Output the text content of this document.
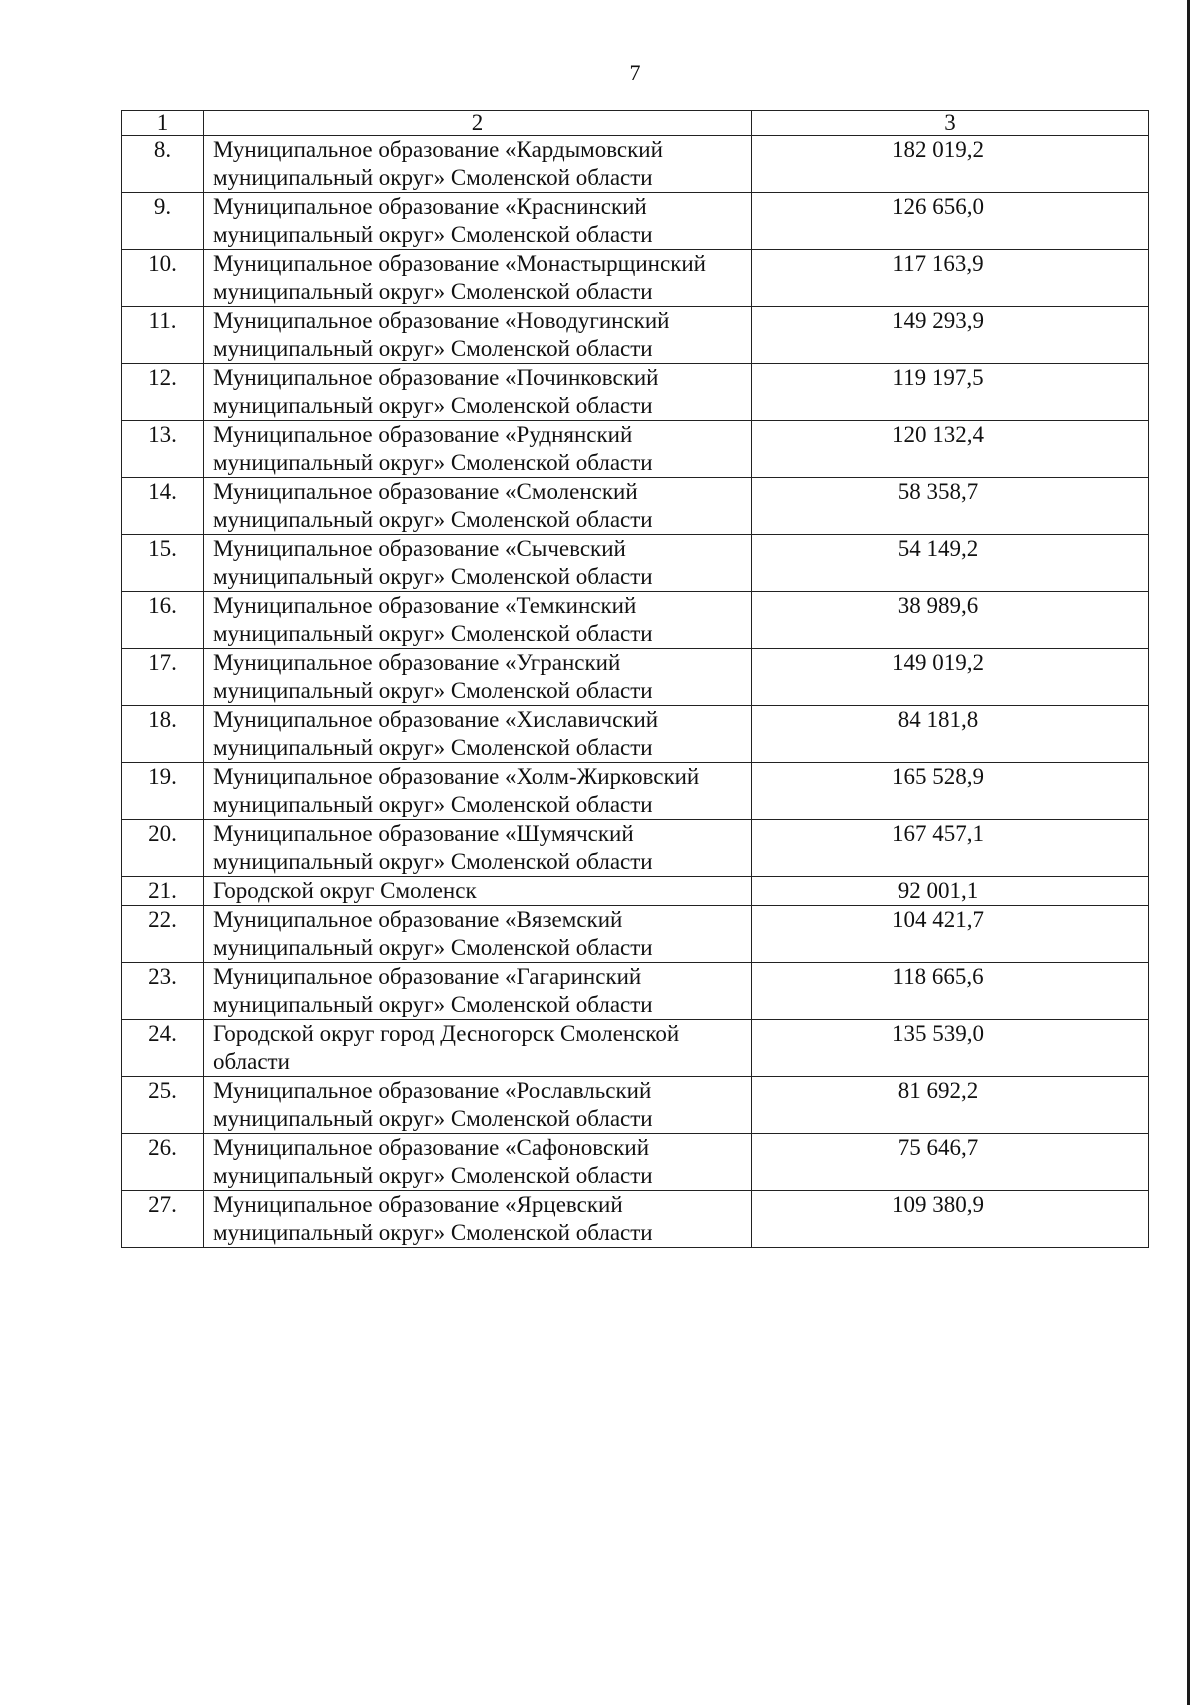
7
1	2	3
8.	Муниципальное образование «Кардымовский муниципальный округ» Смоленской области	182 019,2
9.	Муниципальное образование «Краснинский муниципальный округ» Смоленской области	126 656,0
10.	Муниципальное образование «Монастырщинский муниципальный округ» Смоленской области	117 163,9
11.	Муниципальное образование «Новодугинский муниципальный округ» Смоленской области	149 293,9
12.	Муниципальное образование «Починковский муниципальный округ» Смоленской области	119 197,5
13.	Муниципальное образование «Руднянский муниципальный округ» Смоленской области	120 132,4
14.	Муниципальное образование «Смоленский муниципальный округ» Смоленской области	58 358,7
15.	Муниципальное образование «Сычевский муниципальный округ» Смоленской области	54 149,2
16.	Муниципальное образование «Темкинский муниципальный округ» Смоленской области	38 989,6
17.	Муниципальное образование «Угранский муниципальный округ» Смоленской области	149 019,2
18.	Муниципальное образование «Хиславичский муниципальный округ» Смоленской области	84 181,8
19.	Муниципальное образование «Холм-Жирковский муниципальный округ» Смоленской области	165 528,9
20.	Муниципальное образование «Шумячский муниципальный округ» Смоленской области	167 457,1
21.	Городской округ Смоленск	92 001,1
22.	Муниципальное образование «Вяземский муниципальный округ» Смоленской области	104 421,7
23.	Муниципальное образование «Гагаринский муниципальный округ» Смоленской области	118 665,6
24.	Городской округ город Десногорск Смоленской области	135 539,0
25.	Муниципальное образование «Рославльский муниципальный округ» Смоленской области	81 692,2
26.	Муниципальное образование «Сафоновский муниципальный округ» Смоленской области	75 646,7
27.	Муниципальное образование «Ярцевский муниципальный округ» Смоленской области	109 380,9
